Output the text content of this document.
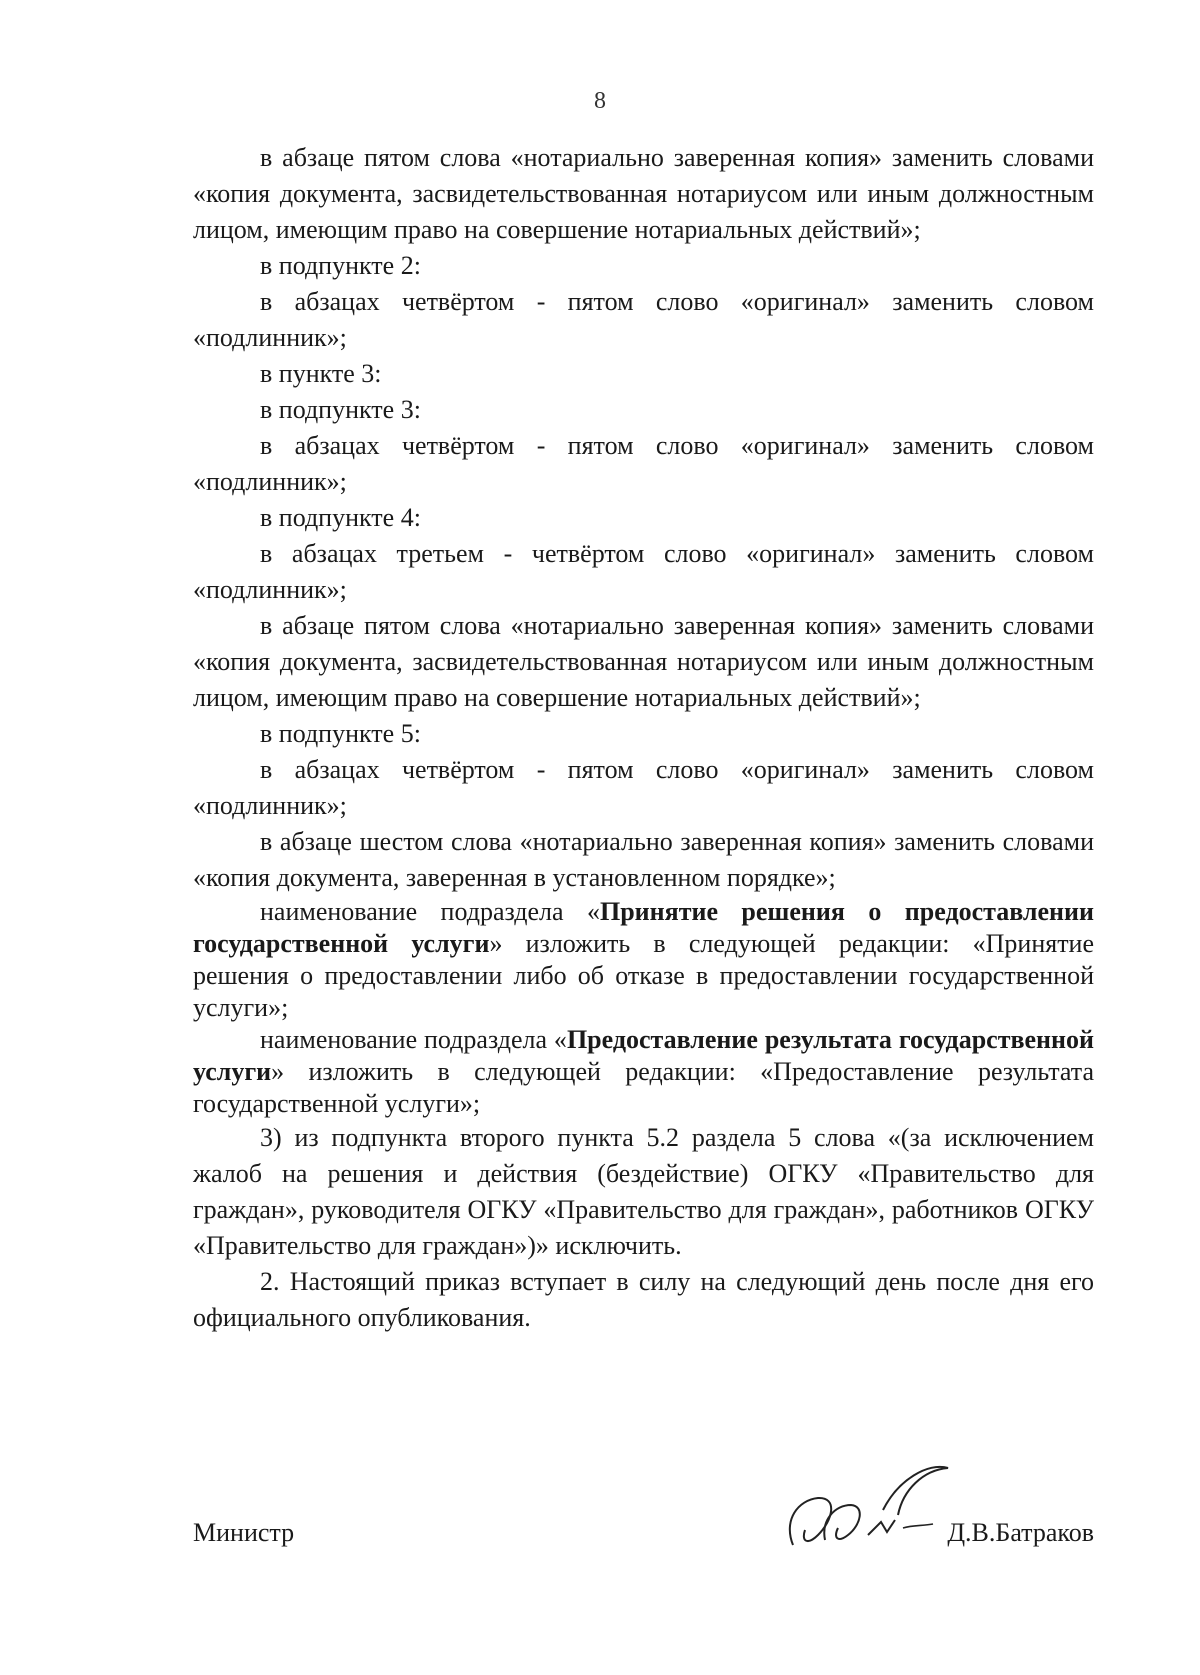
8

в абзаце пятом слова «нотариально заверенная копия» заменить словами «копия документа, засвидетельствованная нотариусом или иным должностным лицом, имеющим право на совершение нотариальных действий»;

в подпункте 2:

в абзацах четвёртом - пятом слово «оригинал» заменить словом «подлинник»;

в пункте 3:

в подпункте 3:

в абзацах четвёртом - пятом слово «оригинал» заменить словом «подлинник»;

в подпункте 4:

в абзацах третьем - четвёртом слово «оригинал» заменить словом «подлинник»;

в абзаце пятом слова «нотариально заверенная копия» заменить словами «копия документа, засвидетельствованная нотариусом или иным должностным лицом, имеющим право на совершение нотариальных действий»;

в подпункте 5:

в абзацах четвёртом - пятом слово «оригинал» заменить словом «подлинник»;

в абзаце шестом слова «нотариально заверенная копия» заменить словами «копия документа, заверенная в установленном порядке»;

наименование подраздела «Принятие решения о предоставлении государственной услуги» изложить в следующей редакции: «Принятие решения о предоставлении либо об отказе в предоставлении государственной услуги»;

наименование подраздела «Предоставление результата государственной услуги» изложить в следующей редакции: «Предоставление результата государственной услуги»;

3) из подпункта второго пункта 5.2 раздела 5 слова «(за исключением жалоб на решения и действия (бездействие) ОГКУ «Правительство для граждан», руководителя ОГКУ «Правительство для граждан», работников ОГКУ «Правительство для граждан»)» исключить.

2. Настоящий приказ вступает в силу на следующий день после дня его официального опубликования.

Министр	Д.В.Батраков
